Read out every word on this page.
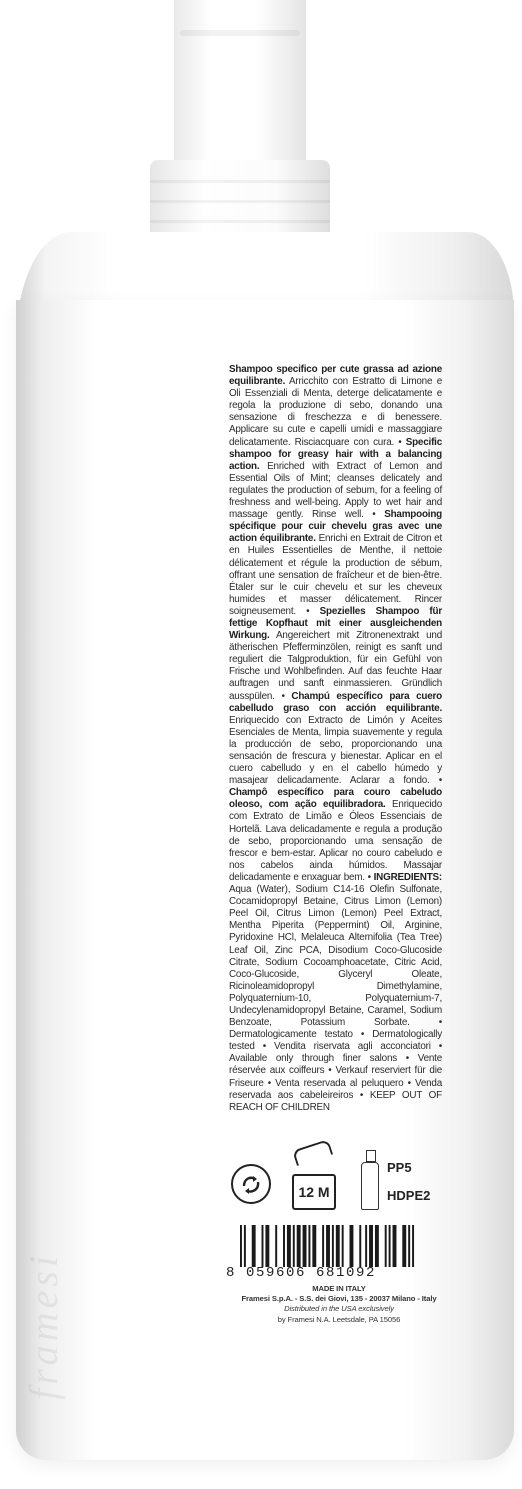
framesi
Shampoo specifico per cute grassa ad azione equilibrante. Arricchito con Estratto di Limone e Oli Essenziali di Menta, deterge delicatamente e regola la produzione di sebo, donando una sensazione di freschezza e di benessere. Applicare su cute e capelli umidi e massaggiare delicatamente. Risciacquare con cura. • Specific shampoo for greasy hair with a balancing action. Enriched with Extract of Lemon and Essential Oils of Mint; cleanses delicately and regulates the production of sebum, for a feeling of freshness and well-being. Apply to wet hair and massage gently. Rinse well. • Shampooing spécifique pour cuir chevelu gras avec une action équilibrante. Enrichi en Extrait de Citron et en Huiles Essentielles de Menthe, il nettoie délicatement et régule la production de sébum, offrant une sensation de fraîcheur et de bien-être. Étaler sur le cuir chevelu et sur les cheveux humides et masser délicatement. Rincer soigneusement. • Spezielles Shampoo für fettige Kopfhaut mit einer ausgleichenden Wirkung. Angereichert mit Zitronenextrakt und ätherischen Pfefferminzölen, reinigt es sanft und reguliert die Talgproduktion, für ein Gefühl von Frische und Wohlbefinden. Auf das feuchte Haar auftragen und sanft einmassieren. Gründlich ausspülen. • Champú específico para cuero cabelludo graso con acción equilibrante. Enriquecido con Extracto de Limón y Aceites Esenciales de Menta, limpia suavemente y regula la producción de sebo, proporcionando una sensación de frescura y bienestar. Aplicar en el cuero cabelludo y en el cabello húmedo y masajear delicadamente. Aclarar a fondo. • Champô específico para couro cabeludo oleoso, com ação equilibradora. Enriquecido com Extrato de Limão e Óleos Essenciais de Hortelã. Lava delicadamente e regula a produção de sebo, proporcionando uma sensação de frescor e bem-estar. Aplicar no couro cabeludo e nos cabelos ainda húmidos. Massajar delicadamente e enxaguar bem. • INGREDIENTS: Aqua (Water), Sodium C14-16 Olefin Sulfonate, Cocamidopropyl Betaine, Citrus Limon (Lemon) Peel Oil, Citrus Limon (Lemon) Peel Extract, Mentha Piperita (Peppermint) Oil, Arginine, Pyridoxine HCl, Melaleuca Alternifolia (Tea Tree) Leaf Oil, Zinc PCA, Disodium Coco-Glucoside Citrate, Sodium Cocoamphoacetate, Citric Acid, Coco-Glucoside, Glyceryl Oleate, Ricinoleamidopropyl Dimethylamine, Polyquaternium-10, Polyquaternium-7, Undecylenamidopropyl Betaine, Caramel, Sodium Benzoate, Potassium Sorbate. • Dermatologicamente testato • Dermatologically tested • Vendita riservata agli acconciatori • Available only through finer salons • Vente réservée aux coiffeurs • Verkauf reserviert für die Friseure • Venta reservada al peluquero • Venda reservada aos cabeleireiros • KEEP OUT OF REACH OF CHILDREN
12 M
PP5
HDPE2
8 059606 681092
MADE IN ITALY
Framesi S.p.A. - S.S. dei Giovi, 135 - 20037 Milano - Italy
Distributed in the USA exclusively
by Framesi N.A. Leetsdale, PA 15056
